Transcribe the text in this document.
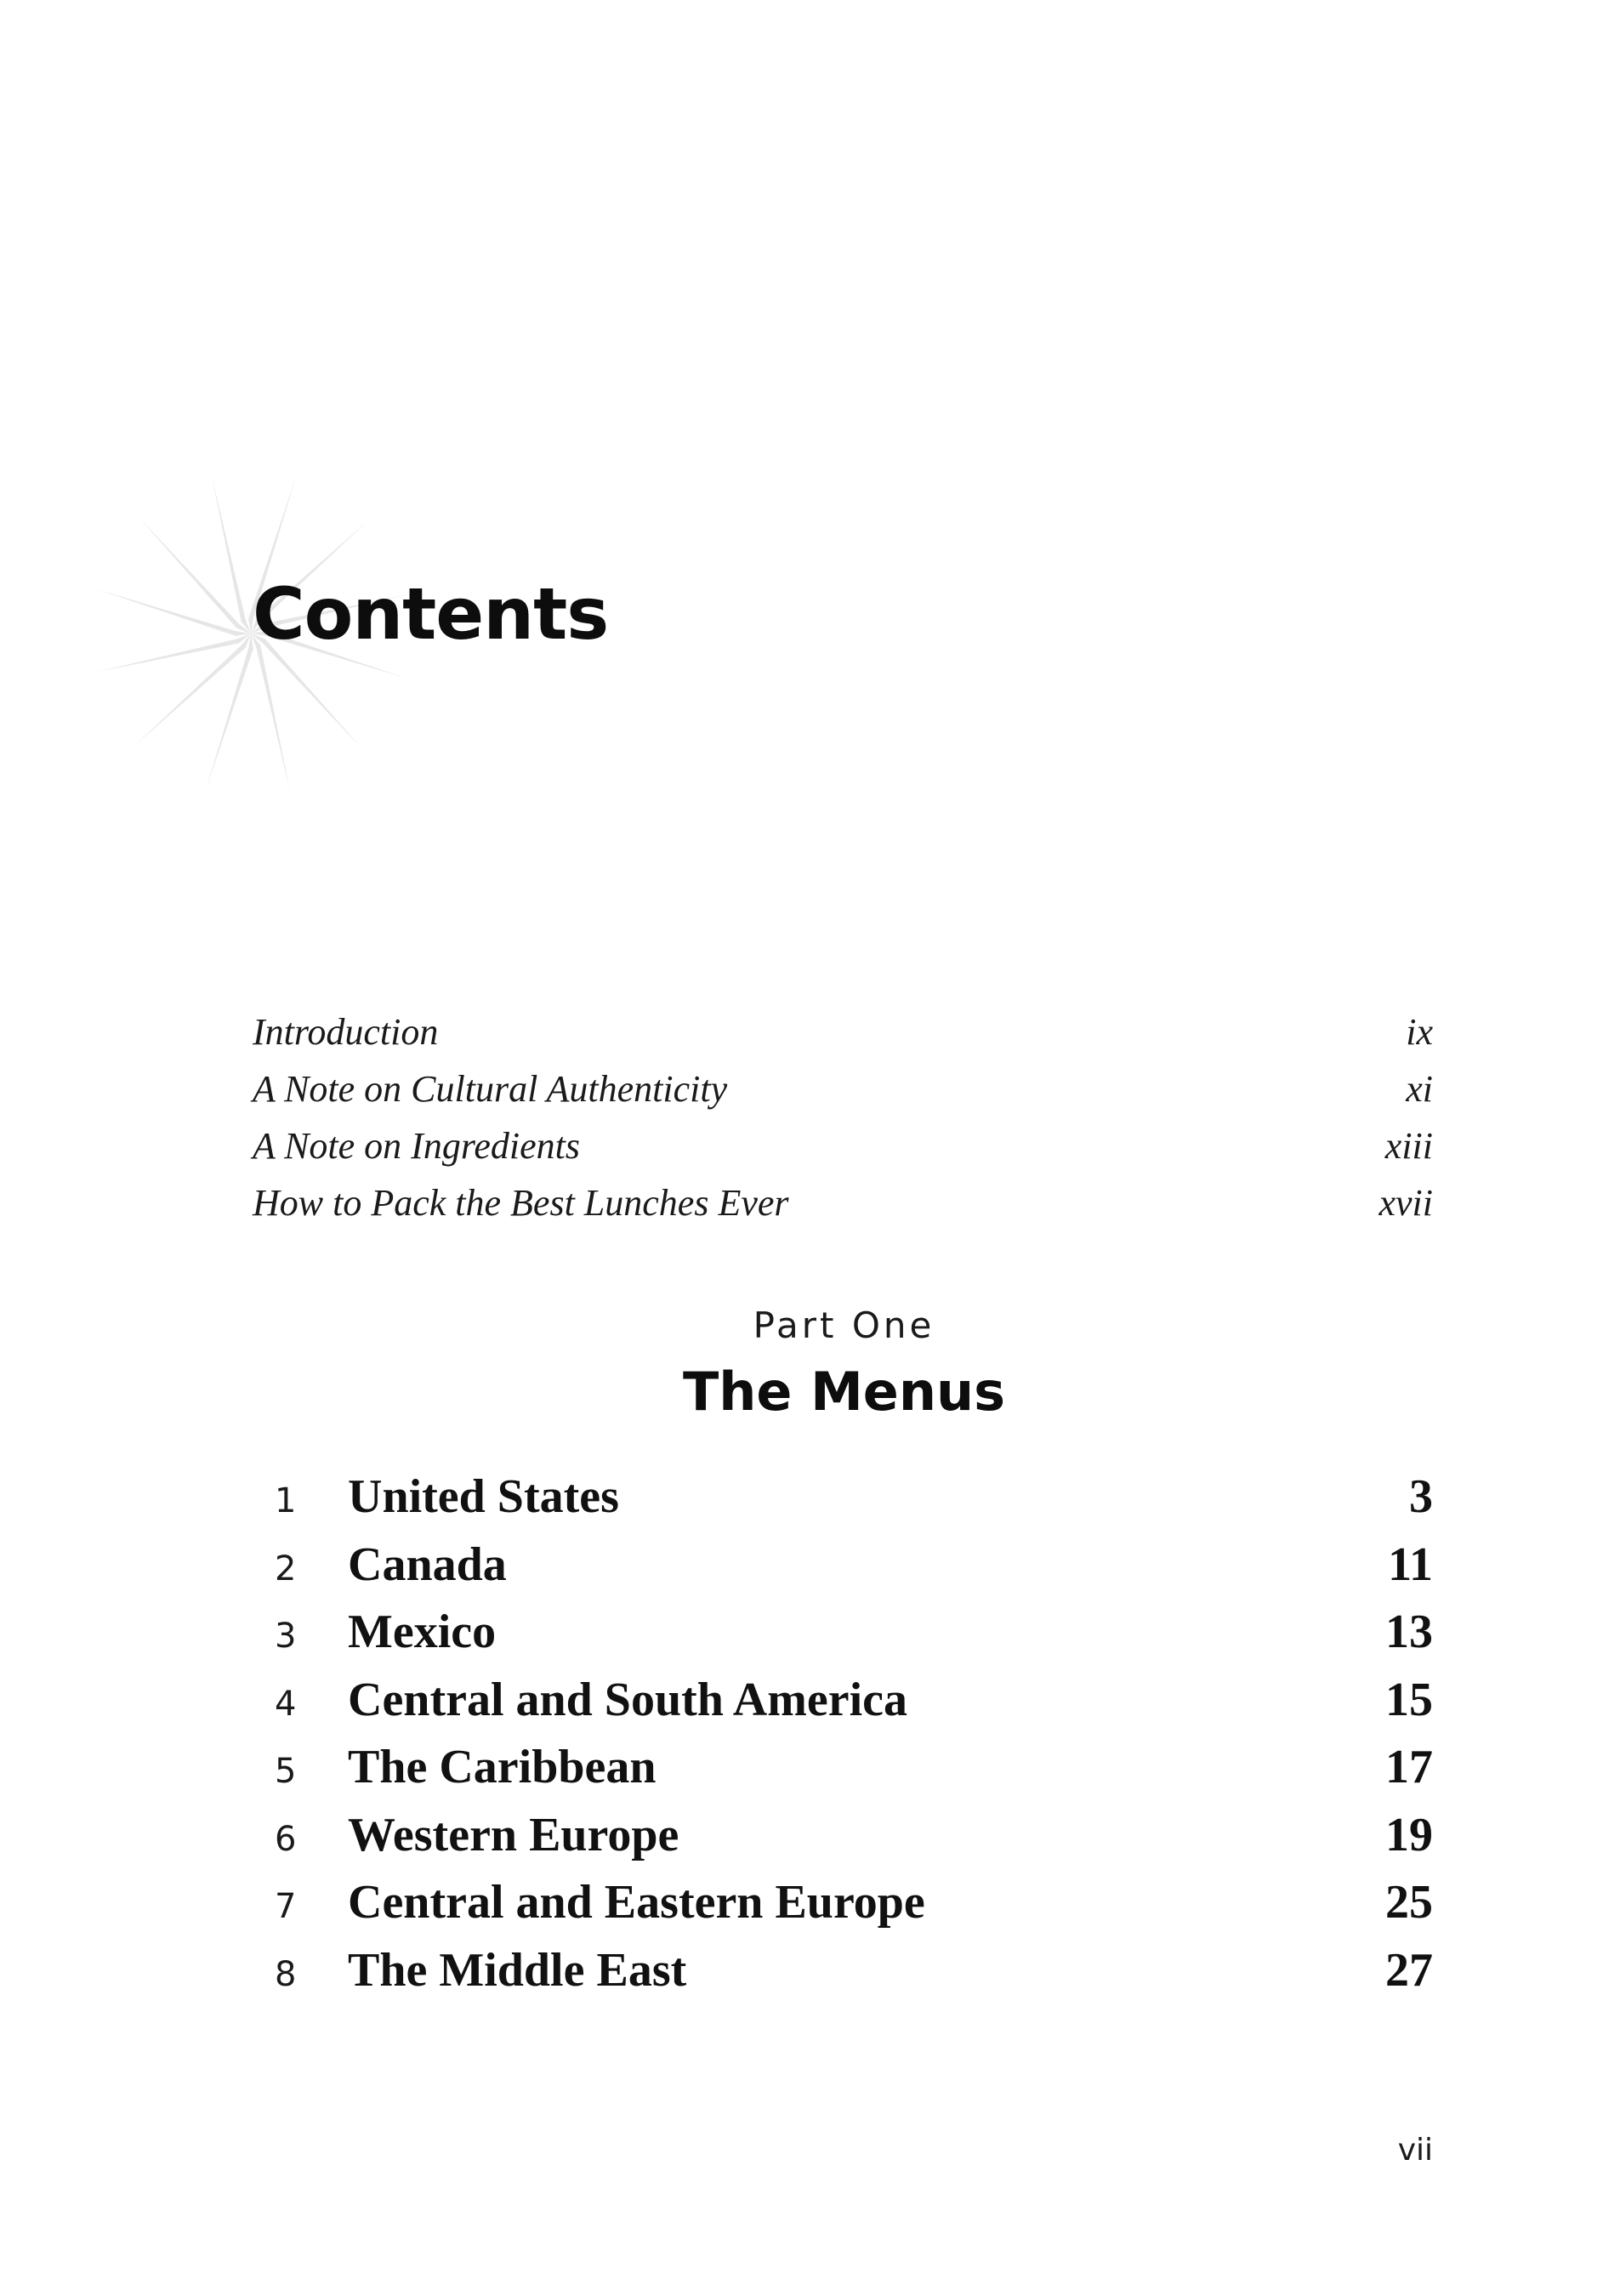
Contents
Introduction	ix
A Note on Cultural Authenticity	xi
A Note on Ingredients	xiii
How to Pack the Best Lunches Ever	xvii
Part One
The Menus
1	United States	3
2	Canada	11
3	Mexico	13
4	Central and South America	15
5	The Caribbean	17
6	Western Europe	19
7	Central and Eastern Europe	25
8	The Middle East	27
vii
